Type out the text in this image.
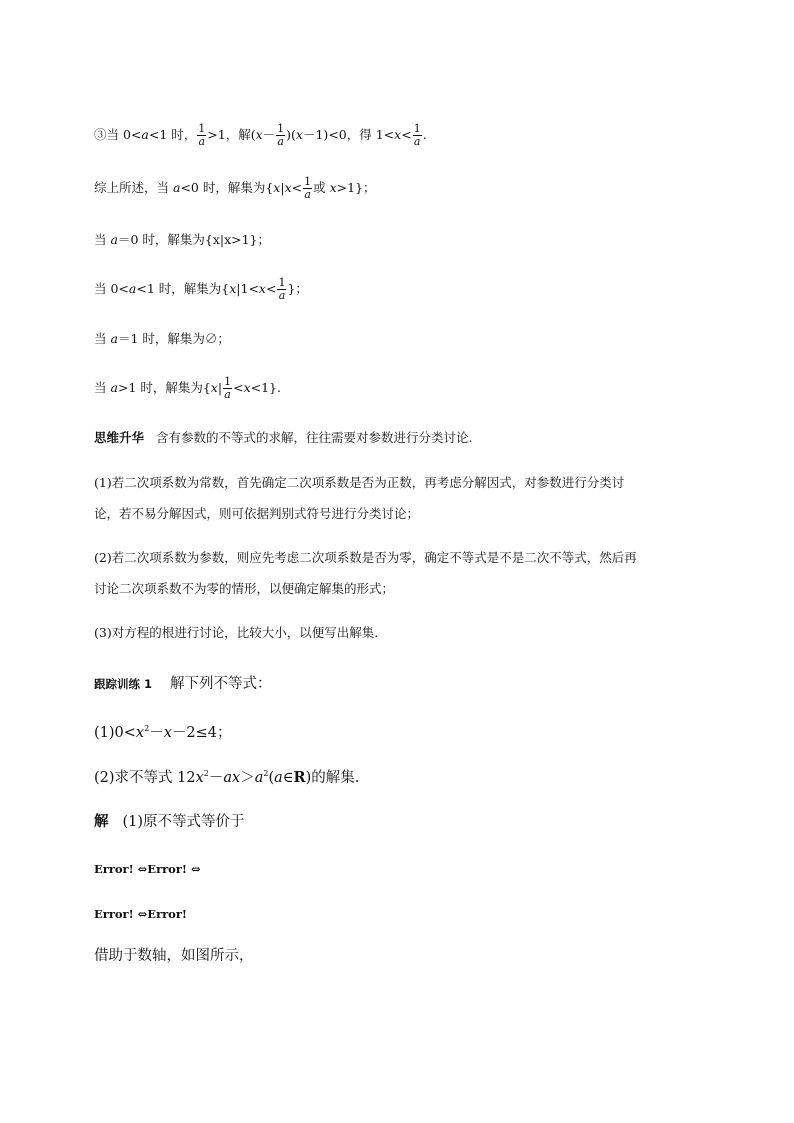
③当 0<a<1 时， $\frac{1}{a} >1$，解$(x- \frac{1}{a} )(x-1)<0$，得 $1<x< \frac{1}{a}$ .
综上所述，当 a<0 时，解集为{$x|x< \frac{1}{a}$ 或 x>1}；
当 a＝0 时，解集为{x|x>1}；
当 0<a<1 时，解集为{$x|1<x< \frac{1}{a}$ }；
当 a＝1 时，解集为∅；
当 a>1 时，解集为$\{x| \frac{1}{a} <x<1\}$.
思维升华 含有参数的不等式的求解，往往需要对参数进行分类讨论.
(1)若二次项系数为常数，首先确定二次项系数是否为正数，再考虑分解因式，对参数进行分类讨
论，若不易分解因式，则可依据判别式符号进行分类讨论；
(2)若二次项系数为参数，则应先考虑二次项系数是否为零，确定不等式是不是二次不等式，然后再
讨论二次项系数不为零的情形，以便确定解集的形式；
(3)对方程的根进行讨论，比较大小，以便写出解集.
跟踪训练 1 解下列不等式：
$(1)0<x^2-x-2\le 4$；
(2)求不等式 $12x^2-ax>a^2(a\in R)$的解集.
解 (1)原不等式等价于
Error! ⇔Error! ⇔
Error! ⇔Error!
借助于数轴，如图所示，
